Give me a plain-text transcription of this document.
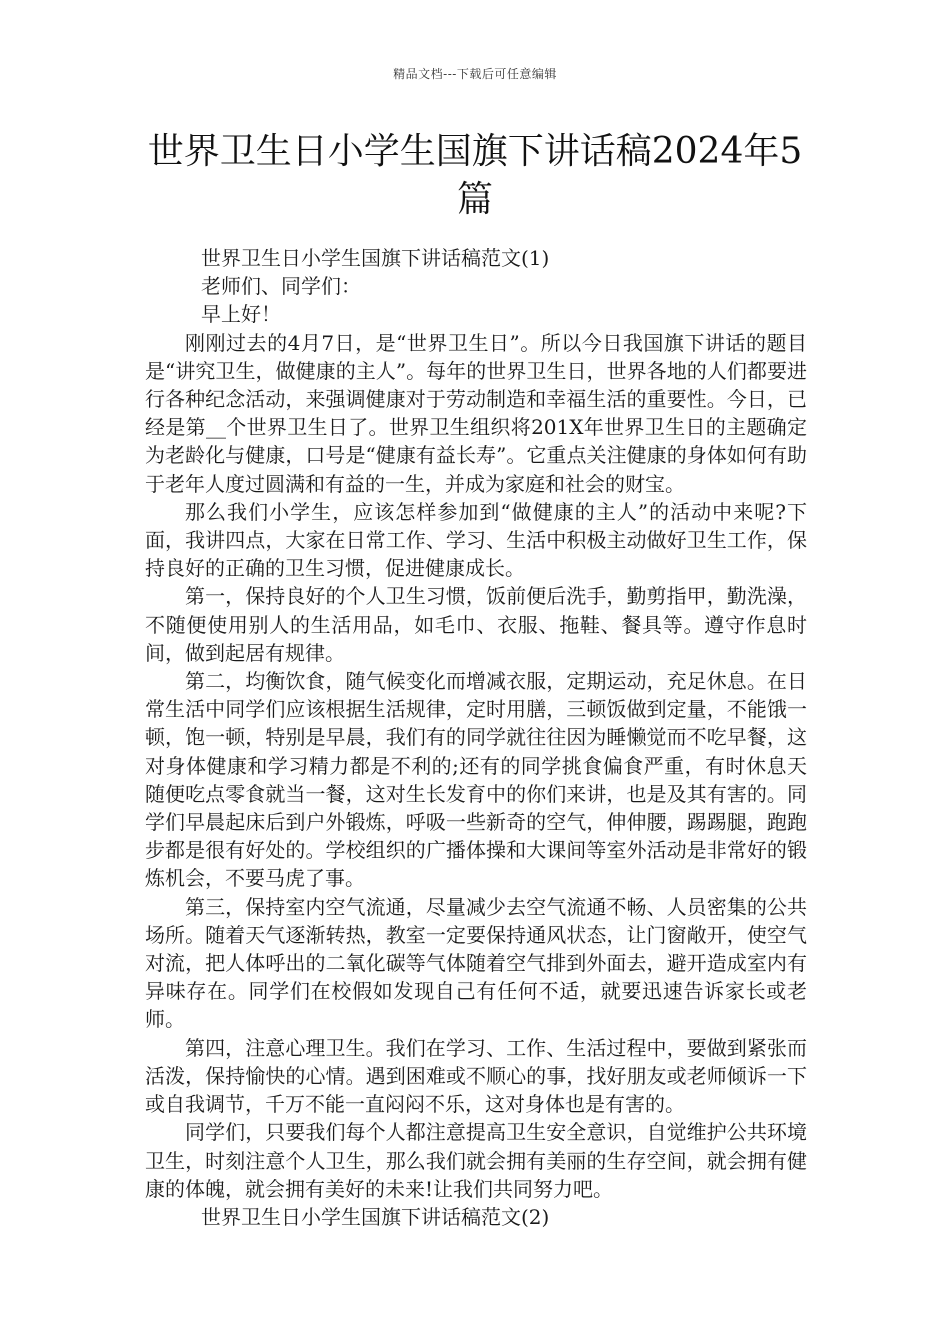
精品文档---下载后可任意编辑
世界卫生日小学生国旗下讲话稿2024年5篇

世界卫生日小学生国旗下讲话稿范文(1)

老师们、同学们：

早上好！

刚刚过去的4月7日，是“世界卫生日”。所以今日我国旗下讲话的题目是“讲究卫生，做健康的主人”。每年的世界卫生日，世界各地的人们都要进行各种纪念活动，来强调健康对于劳动制造和幸福生活的重要性。今日，已经是第__个世界卫生日了。世界卫生组织将201X年世界卫生日的主题确定为老龄化与健康，口号是“健康有益长寿”。它重点关注健康的身体如何有助于老年人度过圆满和有益的一生，并成为家庭和社会的财宝。

那么我们小学生，应该怎样参加到“做健康的主人”的活动中来呢?下面，我讲四点，大家在日常工作、学习、生活中积极主动做好卫生工作，保持良好的正确的卫生习惯，促进健康成长。

第一，保持良好的个人卫生习惯，饭前便后洗手，勤剪指甲，勤洗澡，不随便使用别人的生活用品，如毛巾、衣服、拖鞋、餐具等。遵守作息时间，做到起居有规律。

第二，均衡饮食，随气候变化而增减衣服，定期运动，充足休息。在日常生活中同学们应该根据生活规律，定时用膳，三顿饭做到定量，不能饿一顿，饱一顿，特别是早晨，我们有的同学就往往因为睡懒觉而不吃早餐，这对身体健康和学习精力都是不利的;还有的同学挑食偏食严重，有时休息天随便吃点零食就当一餐，这对生长发育中的你们来讲，也是及其有害的。同学们早晨起床后到户外锻炼，呼吸一些新奇的空气，伸伸腰，踢踢腿，跑跑步都是很有好处的。学校组织的广播体操和大课间等室外活动是非常好的锻炼机会，不要马虎了事。

第三，保持室内空气流通，尽量减少去空气流通不畅、人员密集的公共场所。随着天气逐渐转热，教室一定要保持通风状态，让门窗敞开，使空气对流，把人体呼出的二氧化碳等气体随着空气排到外面去，避开造成室内有异味存在。同学们在校假如发现自己有任何不适，就要迅速告诉家长或老师。

第四，注意心理卫生。我们在学习、工作、生活过程中，要做到紧张而活泼，保持愉快的心情。遇到困难或不顺心的事，找好朋友或老师倾诉一下或自我调节，千万不能一直闷闷不乐，这对身体也是有害的。

同学们，只要我们每个人都注意提高卫生安全意识，自觉维护公共环境卫生，时刻注意个人卫生，那么我们就会拥有美丽的生存空间，就会拥有健康的体魄，就会拥有美好的未来!让我们共同努力吧。

世界卫生日小学生国旗下讲话稿范文(2)
